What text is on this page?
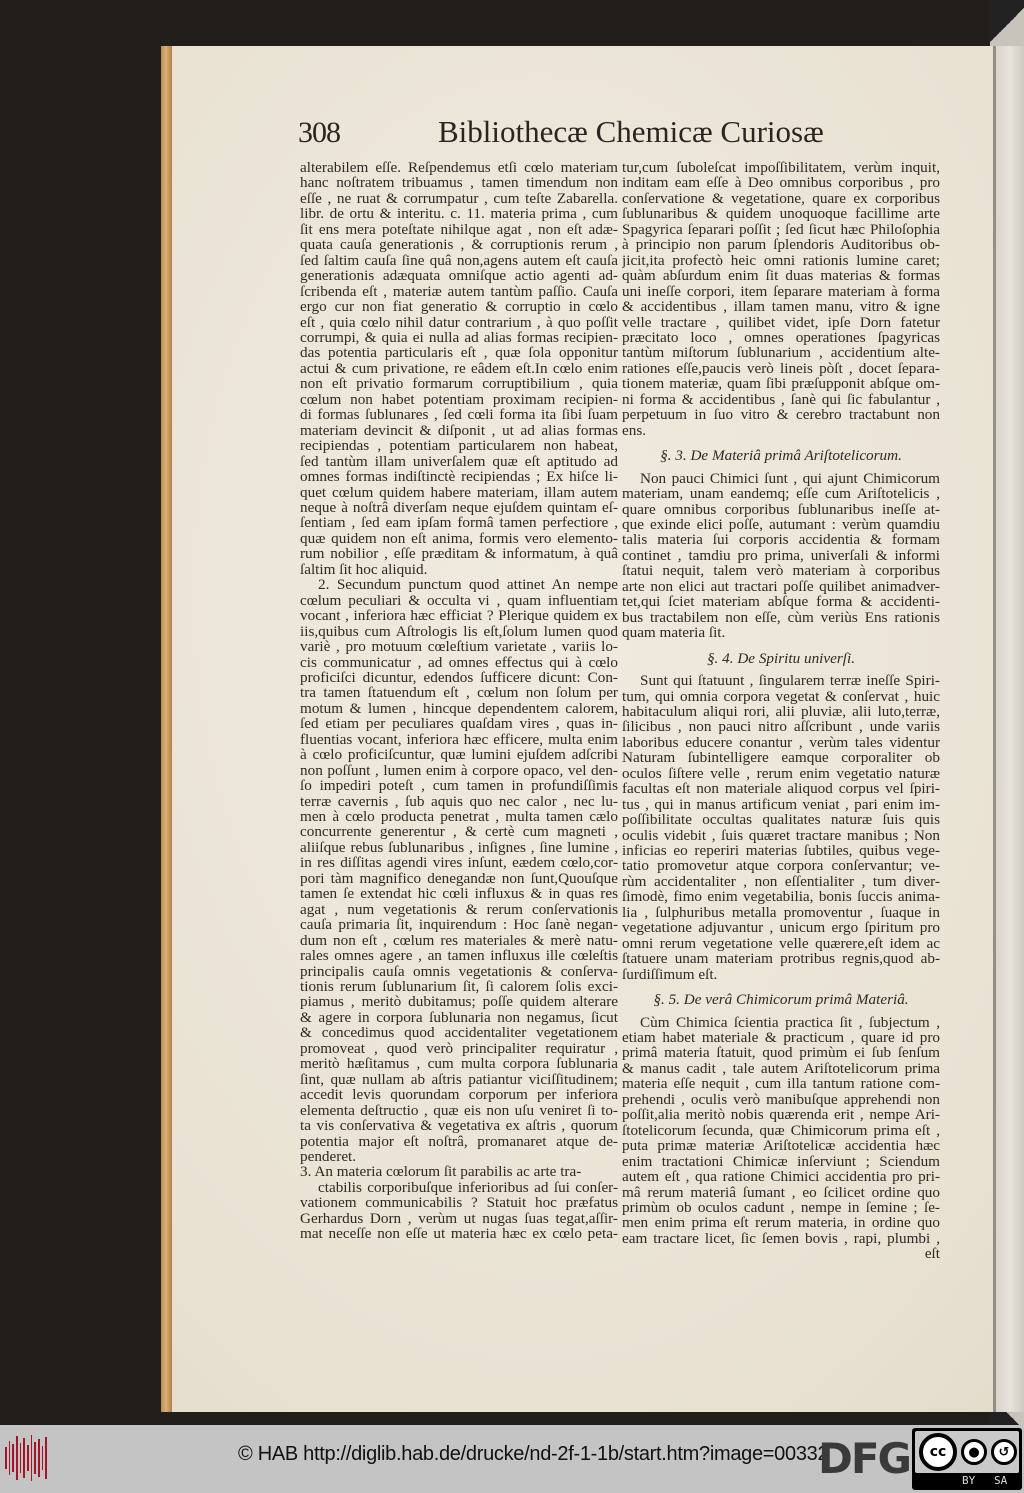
308	Bibliothecæ Chemicæ Curiosæ
alterabilem eſſe. Reſpendemus etſi cœlo materiam
hanc noſtratem tribuamus , tamen timendum non
eſſe , ne ruat & corrumpatur , cum teſte Zabarella.
libr. de ortu & interitu. c. 11. materia prima , cum
ſit ens mera poteſtate nihilque agat , non eſt adæ-
quata cauſa generationis , & corruptionis rerum ,
ſed ſaltim cauſa ſine quâ non,agens autem eſt cauſa
generationis adæquata omniſque actio agenti ad-
ſcribenda eſt , materiæ autem tantùm paſſio. Cauſa
ergo cur non fiat generatio & corruptio in cœlo
eſt , quia cœlo nihil datur contrarium , à quo poſſit
corrumpi, & quia ei nulla ad alias formas recipien-
das potentia particularis eſt , quæ ſola opponitur
actui & cum privatione, re eâdem eſt.In cœlo enim
non eſt privatio formarum corruptibilium , quia
cœlum non habet potentiam proximam recipien-
di formas ſublunares , ſed cœli forma ita ſibi ſuam
materiam devincit & diſponit , ut ad alias formas
recipiendas , potentiam particularem non habeat,
ſed tantùm illam univerſalem quæ eſt aptitudo ad
omnes formas indiſtinctè recipiendas ; Ex hiſce li-
quet cœlum quidem habere materiam, illam autem
neque à noſtrâ diverſam neque ejuſdem quintam eſ-
ſentiam , ſed eam ipſam formâ tamen perfectiore ,
quæ quidem non eſt anima, formis vero elemento-
rum nobilior , eſſe præditam & informatum, à quâ
ſaltim ſit hoc aliquid.
2. Secundum punctum quod attinet An nempe
cœlum peculiari & occulta vi , quam influentiam
vocant , inferiora hæc efficiat ? Plerique quidem ex
iis,quibus cum Aſtrologis lis eſt,ſolum lumen quod
variè , pro motuum cœleſtium varietate , variis lo-
cis communicatur , ad omnes effectus qui à cœlo
proficiſci dicuntur, edendos ſufficere dicunt: Con-
tra tamen ſtatuendum eſt , cœlum non ſolum per
motum & lumen , hincque dependentem calorem,
ſed etiam per peculiares quaſdam vires , quas in-
fluentias vocant, inferiora hæc efficere, multa enim
à cœlo proficiſcuntur, quæ lumini ejuſdem adſcribi
non poſſunt , lumen enim à corpore opaco, vel den-
ſo impediri poteſt , cum tamen in profundiſſimis
terræ cavernis , ſub aquis quo nec calor , nec lu-
men à cœlo producta penetrat , multa tamen cælo
concurrente generentur , & certè cum magneti ,
aliiſque rebus ſublunaribus , inſignes , ſine lumine ,
in res diſſitas agendi vires inſunt, eædem cœlo,cor-
pori tàm magnifico denegandæ non ſunt,Quouſque
tamen ſe extendat hic cœli influxus & in quas res
agat , num vegetationis & rerum conſervationis
cauſa primaria ſit, inquirendum : Hoc ſanè negan-
dum non eſt , cœlum res materiales & merè natu-
rales omnes agere , an tamen influxus ille cœleſtis
principalis cauſa omnis vegetationis & conſerva-
tionis rerum ſublunarium ſit, ſi calorem ſolis exci-
piamus , meritò dubitamus; poſſe quidem alterare
& agere in corpora ſublunaria non negamus, ſicut
& concedimus quod accidentaliter vegetationem
promoveat , quod verò principaliter requiratur ,
meritò hæſitamus , cum multa corpora ſublunaria
ſint, quæ nullam ab aſtris patiantur viciſſitudinem;
accedit levis quorundam corporum per inferiora
elementa deſtructio , quæ eis non uſu veniret ſi to-
ta vis conſervativa & vegetativa ex aſtris , quorum
potentia major eſt noſtrâ, promanaret atque de-
penderet.
3. An materia cœlorum ſit parabilis ac arte tra-
ctabilis corporibuſque inferioribus ad ſui conſer-
vationem communicabilis ? Statuit hoc præfatus
Gerhardus Dorn , verùm ut nugas ſuas tegat,aſſir-
mat neceſſe non eſſe ut materia hæc ex cœlo peta-
tur,cum ſuboleſcat impoſſibilitatem, verùm inquit,
inditam eam eſſe à Deo omnibus corporibus , pro
conſervatione & vegetatione, quare ex corporibus
ſublunaribus & quidem unoquoque facillime arte
Spagyrica ſeparari poſſit ; ſed ſicut hæc Philoſophia
à principio non parum ſplendoris Auditoribus ob-
jicit,ita profectò heic omni rationis lumine caret;
quàm abſurdum enim ſit duas materias & formas
uni ineſſe corpori, item ſeparare materiam à forma
& accidentibus , illam tamen manu, vitro & igne
velle tractare , quilibet videt, ipſe Dorn fatetur
præcitato loco , omnes operationes ſpagyricas
tantùm miſtorum ſublunarium , accidentium alte-
rationes eſſe,paucis verò lineis pòſt , docet ſepara-
tionem materiæ, quam ſibi præſupponit abſque om-
ni forma & accidentibus , ſanè qui ſic fabulantur ,
perpetuum in ſuo vitro & cerebro tractabunt non
ens.
§. 3. De Materiâ primâ Ariſtotelicorum.
Non pauci Chimici ſunt , qui ajunt Chimicorum
materiam, unam eandemq; eſſe cum Ariſtotelicis ,
quare omnibus corporibus ſublunaribus ineſſe at-
que exinde elici poſſe, autumant : verùm quamdiu
talis materia ſui corporis accidentia & formam
continet , tamdiu pro prima, univerſali & informi
ſtatui nequit, talem verò materiam à corporibus
arte non elici aut tractari poſſe quilibet animadver-
tet,qui ſciet materiam abſque forma & accidenti-
bus tractabilem non eſſe, cùm veriùs Ens rationis
quam materia ſit.
§. 4. De Spiritu univerſi.
Sunt qui ſtatuunt , ſingularem terræ ineſſe Spiri-
tum, qui omnia corpora vegetat & conſervat , huic
habitaculum aliqui rori, alii pluviæ, alii luto,terræ,
ſilicibus , non pauci nitro aſſcribunt , unde variis
laboribus educere conantur , verùm tales videntur
Naturam ſubintelligere eamque corporaliter ob
oculos ſiſtere velle , rerum enim vegetatio naturæ
facultas eſt non materiale aliquod corpus vel ſpiri-
tus , qui in manus artificum veniat , pari enim im-
poſſibilitate occultas qualitates naturæ ſuis quis
oculis videbit , ſuis quæret tractare manibus ; Non
inficias eo reperiri materias ſubtiles, quibus vege-
tatio promovetur atque corpora conſervantur; ve-
rùm accidentaliter , non eſſentialiter , tum diver-
ſimodè, fimo enim vegetabilia, bonis ſuccis anima-
lia , ſulphuribus metalla promoventur , ſuaque in
vegetatione adjuvantur , unicum ergo ſpiritum pro
omni rerum vegetatione velle quærere,eſt idem ac
ſtatuere unam materiam protribus regnis,quod ab-
ſurdiſſimum eſt.
§. 5. De verâ Chimicorum primâ Materiâ.
Cùm Chimica ſcientia practica ſit , ſubjectum ,
etiam habet materiale & practicum , quare id pro
primâ materia ſtatuit, quod primùm ei ſub ſenſum
& manus cadit , tale autem Ariſtotelicorum prima
materia eſſe nequit , cum illa tantum ratione com-
prehendi , oculis verò manibuſque apprehendi non
poſſit,alia meritò nobis quærenda erit , nempe Ari-
ſtotelicorum ſecunda, quæ Chimicorum prima eſt ,
puta primæ materiæ Ariſtotelicæ accidentia hæc
enim tractationi Chimicæ inſerviunt ; Sciendum
autem eſt , qua ratione Chimici accidentia pro pri-
mâ rerum materiâ ſumant , eo ſcilicet ordine quo
primùm ob oculos cadunt , nempe in ſemine ; ſe-
men enim prima eſt rerum materia, in ordine quo
eam tractare licet, ſic ſemen bovis , rapi, plumbi ,
eſt
© HAB http://diglib.hab.de/drucke/nd-2f-1-1b/start.htm?image=00332
DFG	cc	●	↺
BY SA
